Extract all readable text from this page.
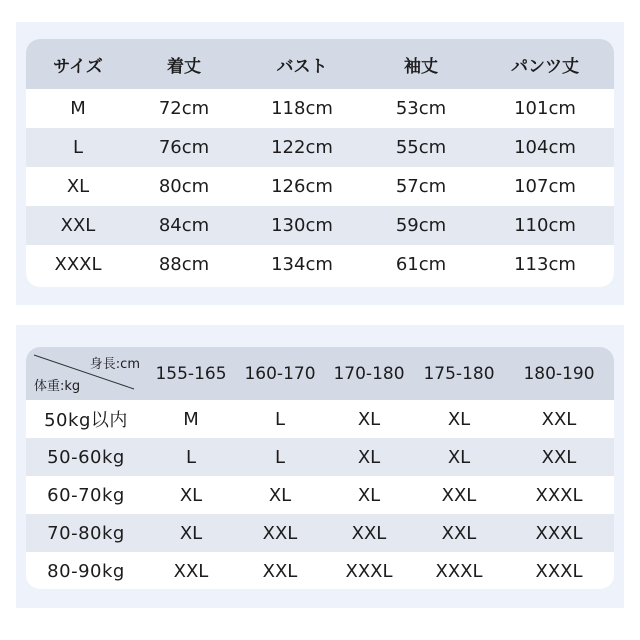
サイズ	着丈	バスト	袖丈	パンツ丈
M	72cm	118cm	53cm	101cm
L	76cm	122cm	55cm	104cm
XL	80cm	126cm	57cm	107cm
XXL	84cm	130cm	59cm	110cm
XXXL	88cm	134cm	61cm	113cm
身長:cm
体重:kg	155-165	160-170	170-180	175-180	180-190
50kg以内	M	L	XL	XL	XXL
50-60kg	L	L	XL	XL	XXL
60-70kg	XL	XL	XL	XXL	XXXL
70-80kg	XL	XXL	XXL	XXL	XXXL
80-90kg	XXL	XXL	XXXL	XXXL	XXXL
